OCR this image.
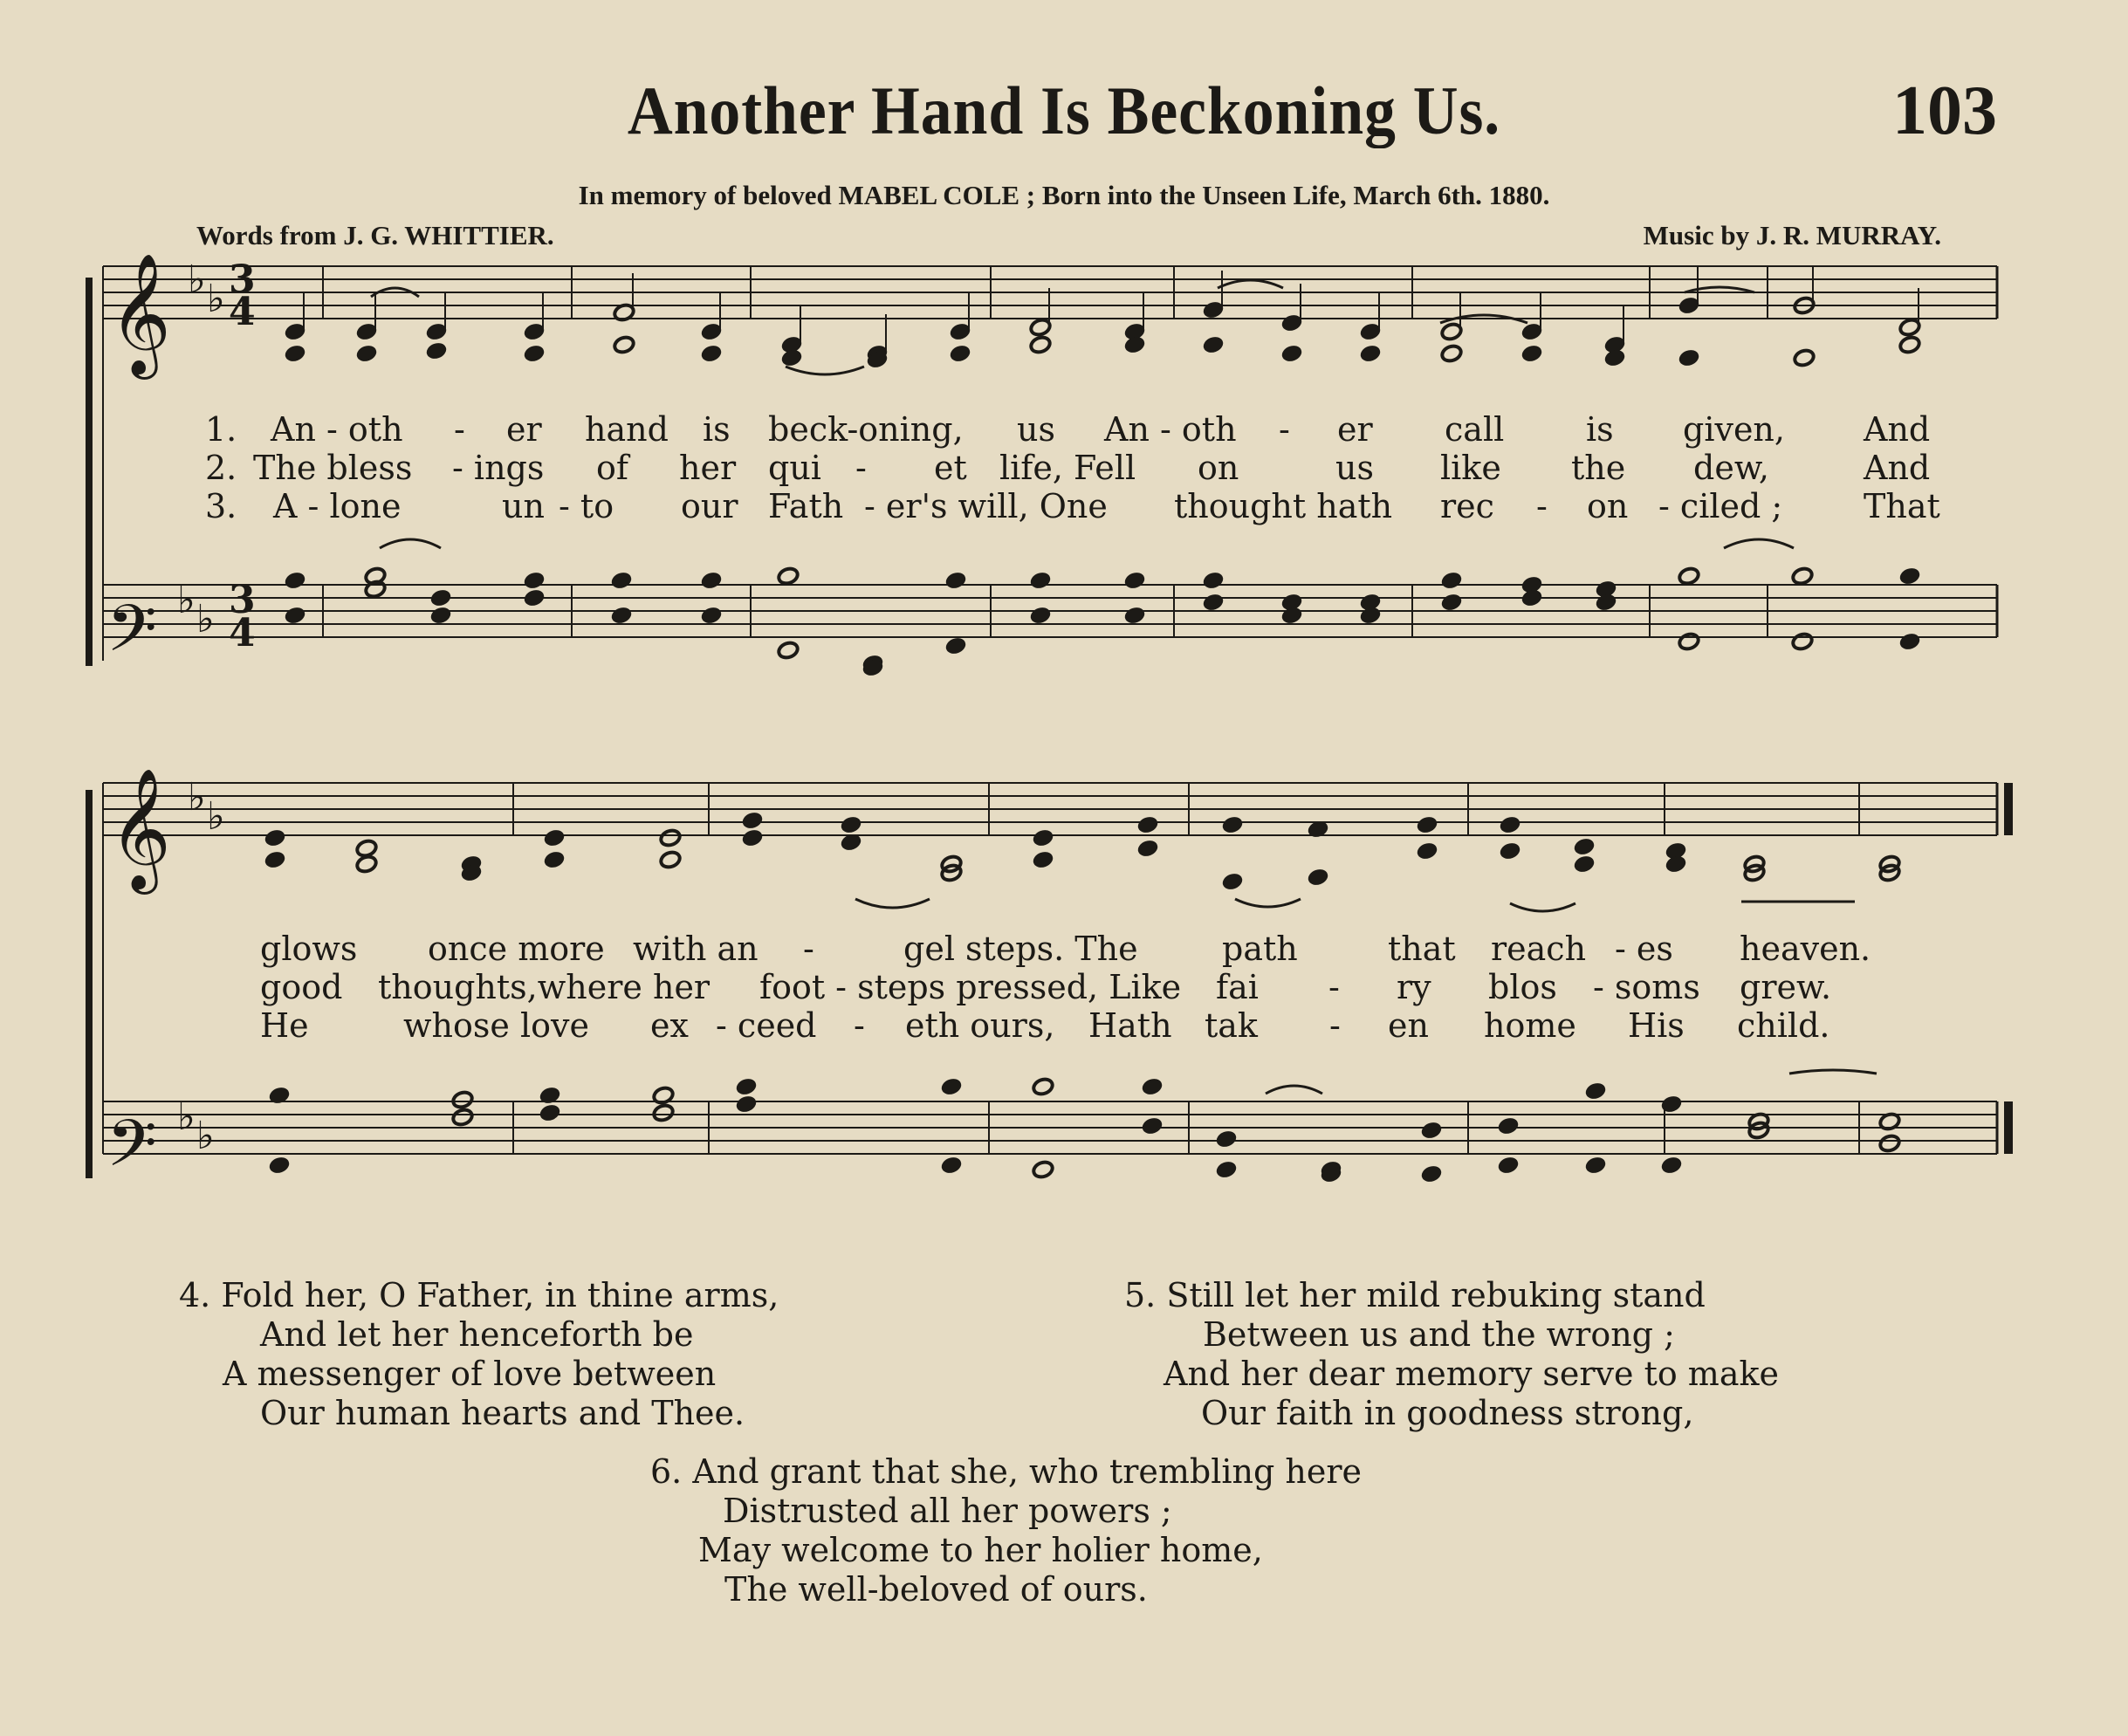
Another Hand Is Beckoning Us.	103
In memory of beloved MABEL COLE ; Born into the Unseen Life, March 6th. 1880.
Words from J. G. WHITTIER.	Music by J. R. MURRAY.
𝄞
𝄢
𝄞
𝄢
♭ ♭ 3
4
♭ ♭ 3
4
♭ ♭
♭ ♭
1. An - oth - er hand is beck-oning, us An - oth - er call is given, And
2. The bless - ings of her qui - et life, Fell on	us like the dew,	And
3. A - lone	un - to our Fath - er's will, One thought hath rec - on - ciled ; That
glows once more with an -	gel steps. The	path	that reach - es heaven.
good thoughts,where her foot - steps pressed, Like fai - ry blos - soms grew.
He	whose love ex - ceed - eth ours, Hath tak - en home His child.
4. Fold her, O Father, in thine arms,
And let her henceforth be
A messenger of love between
Our human hearts and Thee.
5. Still let her mild rebuking stand
Between us and the wrong ;
And her dear memory serve to make
Our faith in goodness strong,
6. And grant that she, who trembling here
Distrusted all her powers ;
May welcome to her holier home,
The well-beloved of ours.
